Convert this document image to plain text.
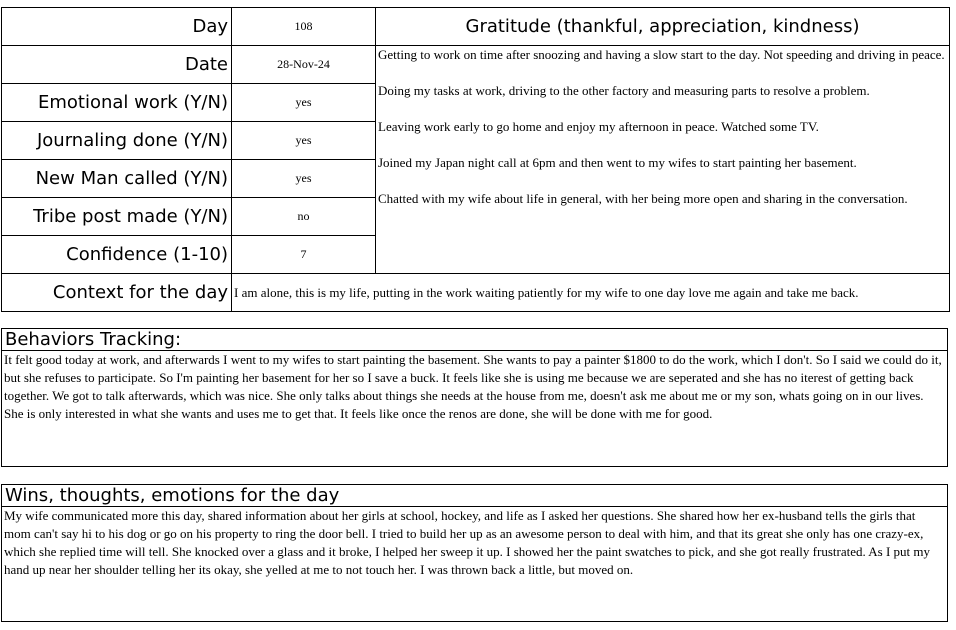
Day	108	Gratitude (thankful, appreciation, kindness)
Date	28-Nov-24	Getting to work on time after snoozing and having a slow start to the day. Not speeding and driving in peace.

Doing my tasks at work, driving to the other factory and measuring parts to resolve a problem.

Leaving work early to go home and enjoy my afternoon in peace. Watched some TV.

Joined my Japan night call at 6pm and then went to my wifes to start painting her basement.

Chatted with my wife about life in general, with her being more open and sharing in the conversation.

Emotional work (Y/N)	yes	
Journaling done (Y/N)	yes	
New Man called (Y/N)	yes	
Tribe post made (Y/N)	no	
Confidence (1-10)	7	
Context for the day	I am alone, this is my life, putting in the work waiting patiently for my wife to one day love me again and take me back.	
Behaviors Tracking:
It felt good today at work, and afterwards I went to my wifes to start painting the basement. She wants to pay a painter $1800 to do the work, which I don't. So I said we could do it, but she refuses to participate. So I'm painting her basement for her so I save a buck. It feels like she is using me because we are seperated and she has no iterest of getting back together. We got to talk afterwards, which was nice. She only talks about things she needs at the house from me, doesn't ask me about me or my son, whats going on in our lives. She is only interested in what she wants and uses me to get that. It feels like once the renos are done, she will be done with me for good.
Wins, thoughts, emotions for the day
My wife communicated more this day, shared information about her girls at school, hockey, and life as I asked her questions. She shared how her ex-husband tells the girls that mom can't say hi to his dog or go on his property to ring the door bell. I tried to build her up as an awesome person to deal with him, and that its great she only has one crazy-ex, which she replied time will tell. She knocked over a glass and it broke, I helped her sweep it up. I showed her the paint swatches to pick, and she got really frustrated. As I put my hand up near her shoulder telling her its okay, she yelled at me to not touch her. I was thrown back a little, but moved on.
